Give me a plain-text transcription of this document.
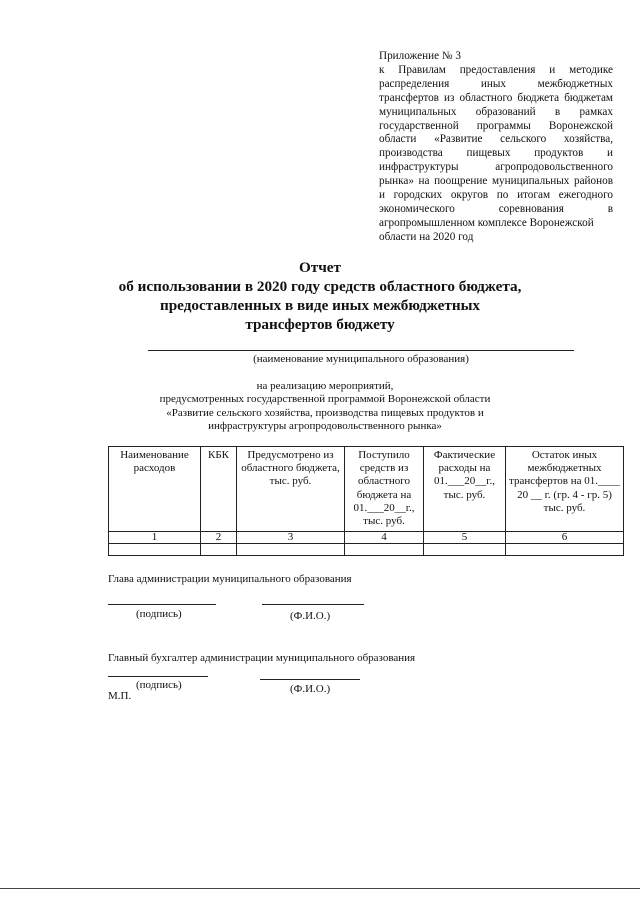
Приложение № 3

к Правилам предоставления и методике распределения иных межбюджетных трансфертов из областного бюджета бюджетам муниципальных образований в рамках государственной программы Воронежской области «Развитие сельского хозяйства, производства пищевых продуктов и инфраструктуры агропродовольственного рынка» на поощрение муниципальных районов и городских округов по итогам ежегодного экономического соревнования в агропромышленном комплексе Воронежской

области на 2020 год
Отчет
об использовании в 2020 году средств областного бюджета,
предоставленных в виде иных межбюджетных
трансфертов бюджету
(наименование муниципального образования)
на реализацию мероприятий,
предусмотренных государственной программой Воронежской области
«Развитие сельского хозяйства, производства пищевых продуктов и
инфраструктуры агропродовольственного рынка»
Наименование расходов	КБК	Предусмотрено из областного бюджета, тыс. руб.	Поступило средств из областного бюджета на 01.___20__г., тыс. руб.	Фактические расходы на 01.___20__г., тыс. руб.	Остаток иных межбюджетных трансфертов на 01.____ 20 __ г. (гр. 4 - гр. 5) тыс. руб.
1	2	3	4	5	6

Глава администрации муниципального образования
(подпись)	(Ф.И.О.)
Главный бухгалтер администрации муниципального образования
(подпись)	(Ф.И.О.)
М.П.
